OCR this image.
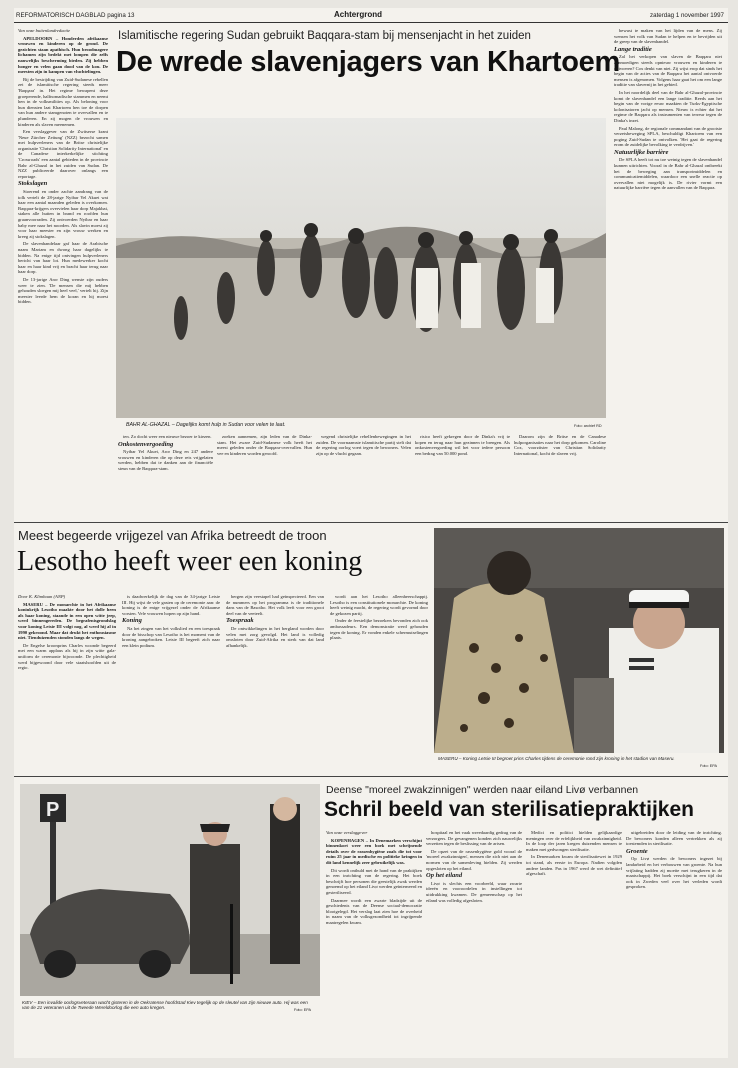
REFORMATORISCH DAGBLAD pagina 13	Achtergrond	zaterdag 1 november 1997

Van onze buitenlandredactie

APELDOORN – Honderden afrikaanse vrouwen en kinderen op de grond. De gezichten staan apathisch. Hun broodmagere lichamen zijn bedekt met lompen die zelfs nauwelijks bescherming bieden. Zij hebben honger en velen gaan dood van de kou. De meesten zijn in kampen van vluchtelingen.

Bij de bestrijding van Zuid-Sudanese rebellen zet de islamitische regering steeds meer 'Baqqara' in. Het regime bewapent deze groeperende, halfnomadische stammen en neemt hen in de volksmilities op. Als beloning voor hun diensten laat Khartoem hen toe de dorpen van hun andere stamgenoten te overvallen en te plunderen. En zij mogen de vrouwen en kinderen als slaven meenemen.

Een verslaggever van de Zwitserse krant 'Neue Zürcher Zeitung' (NZZ) bezocht samen met hulpverleners van de Britse christelijke organisatie 'Christian Solidarity International' en de Canadese interkerkelijke stichting 'Crossroads' een aantal gebieden in de provincie Bahr al-Ghazal in het zuiden van Sudan. De NZZ publiceerde daarover onlangs een reportage.

Stokslagen

Stoerend en onder zachte aandrang van de tolk vertelt de 28-jarige Nyibar Yel Akuei wat haar een aantal maanden geleden is overkomen. Baqqara-krijgers overvielen haar dorp Majakbai, staken alle hutten in brand en roofden hun graanvoorraden. Zij ontvoerden Nyibar en haar baby mee naar het noorden. Als slavin moest zij voor haar meester en zijn vrouw werken en kreeg zij stokslagen.

De slavenhandelaar gaf haar de Arabische naam Mariam en dwong haar dagelijks te bidden. Na enige tijd ontvingen hulpverleners bericht van haar lot. Hun medewerker kocht haar en haar kind vrij en bracht haar terug naar haar dorp.

De 13-jarige Aror Ding wenste zijn ouders weer te zien. 'De mensen die mij hebben gehouden sloegen mij heel veel,' vertelt hij. Zijn meester leerde hem de koran en hij moest bidden.

Islamitische regering Sudan gebruikt Baqqara-stam bij mensenjacht in het zuiden
De wrede slavenjagers van Khartoem
BAHR AL-GHAZAL – Dagelijks komt hulp in Sudan voor velen te laat.	Foto: archief RD

ten. Zo docht weer een nieuwe bezoer te kiezen.

Onkostenvergoeding

Nyibar Yel Akuei, Aror Ding en 247 andere vrouwen en kinderen die op deze reis vrijgelaten werden, hebben dat te danken aan de financiële steun van de Baqqara-stam.

zoeken aannemen, zijn leden van de Dinka-stam. Het zware Zuid-Sudanese volk heeft het meest geleden onder de Baqqara-overvallen. Hun vee en kinderen worden geroofd.

wegend christelijke rebellenbewegingen in het zuiden. De voornaamste islamitische partij stelt dat de regering oorlog voert tegen de bewoners. Velen zijn op de vlucht gegaan.

risico heeft gekregen door de Dinka's vrij te kopen en terug naar hun gezinnen te brengen. Als onkostenvergoeding wil het voor iedere persoon een bedrag van 50.000 pond.

Daarom zijn de Britse en de Canadese hulporganisaties naar het dorp gekomen. Caroline Cox, voorzitster van Christian Solidarity International, kocht de slaven vrij.

bewust te maken van het lijden van de mens. Zij wensen het volk van Sudan te helpen en te bevrijden uit de greep van de slavenhandel.

Lange traditie

Zal het verkopen van slaven de Baqqara niet aanmoedigen steeds opnieuw vrouwen en kinderen te ontvoeren? Cox denkt van niet. Zij wijst erop dat sinds het begin van de acties van de Baqqara het aantal ontvoerde mensen is afgenomen. Volgens haar gaat het om een lange traditie van slavernij in het gebied.

In het noordelijk deel van de Bahr al-Ghazal-provincie komt de slavenhandel een lange traditie. Reeds aan het begin van de vorige eeuw maakten de Turks-Egyptische kolonisatoren jacht op mensen. Nieuw is echter dat het regime de Baqqara als instrumenten van terreur tegen de Dinka's inzet.

Paul Malong, de regionale commandant van de grootste verzetsbeweging SPLA, beschuldigt Khartoem van een poging Zuid-Sudan te ontvolken. 'Het gaat de regering erom de zuidelijke bevolking te verdrijven.'

Natuurlijke barrière

De SPLA heeft tot nu toe weinig tegen de slavenhandel kunnen uitrichten. Vooral in de Bahr al-Ghazal ontbreekt het de beweging aan transportmiddelen en communicatiemiddelen, waardoor een snelle reactie op overvallen niet mogelijk is. De rivier vormt een natuurlijke barrière tegen de aanvallen van de Baqqara.

Meest begeerde vrijgezel van Afrika betreedt de troon
Lesotho heeft weer een koning

Door K. Klimbaan (ANP)

MASERU – De monarchie in het Afrikaanse koninkrijk Lesotho maakte door het dolle heen als haar koning, staande in een open witte jeep, werd binnengereden. De begrafenisgrondslag voor koning Letsie III volgt nog, al werd hij al in 1990 gekroond. Maar dat drukt het enthousiasme niet. Tienduizenden stonden langs de wegen.

De Engelse kroonprins Charles woonde begeerd met een warm applaus als hij in zijn witte gala-uniform de ceremonie bijwoonde. De plechtigheid werd bijgewoond door vele staatshoofden uit de regio.

is daadwerkelijk de dag van de 34-jarige Letsie III. Hij wijst de vele gasten op de ceremonie aan: de koning is de enige vrijgezel onder de Afrikaanse vorsten. Vele vrouwen hopen op zijn hand.

Koning

Na het zingen van het volkslied en een toespraak door de bisschop van Lesotho is het moment van de kroning aangebroken. Letsie III begeeft zich naar een klein podium.

bergen zijn veestapel had geïnspecteerd. Een van de nummers op het programma is de traditionele dans van de Basotho. Het volk leeft voor een groot deel van de veeteelt.

Toespraak

De ontwikkelingen in het bergland worden door velen met zorg gevolgd. Het land is volledig omsloten door Zuid-Afrika en sterk van dat land afhankelijk.

wordt aan het Lesotho alleenheerschappij. Lesotho is een constitutionele monarchie. De koning heeft weinig macht, de regering wordt gevormd door de gekozen partij.

Onder de feestelijke bezoekers bevonden zich ook ambassadeurs. Een demonstratie werd gehouden tegen de koning. Er vonden enkele schermutselingen plaats.

MASERU – Koning Letsie III begroet prins Charles tijdens de ceremonie rond zijn kroning in het stadion van Maseru.
Foto: EPA
P
KIEV – Een invalide oorlogsveteraan wacht gisteren in de Oekraïense hoofdstad Kiev tegelijk op de sleutel van zijn nieuwe auto. Hij was een van de 21 veteranen uit de Tweede Wereldoorlog die een auto kregen.	Foto: EPA
Deense "moreel zwakzinnigen" werden naar eiland Livø verbannen
Schril beeld van sterilisatiepraktijken

Van onze verslaggever

KOPENHAGEN – In Denemarken verschijnt binnenkort weer een boek met schrijnende details over de rassenhygiëne zoals die tot voor ruim 25 jaar in medische en politieke kringen in dit land kennelijk zeer gebruikelijk was.

Dit wordt onthuld met de hand van de praktijken in een inrichting van de regering. Het boek beschrijft hoe personen die geestelijk zwak werden genoemd op het eiland Livø werden geïnterneerd en gesteriliseerd.

Daarmee wordt een zwarte bladzijde uit de geschiedenis van de Deense sociaal-democratie blootgelegd. Het verslag laat zien hoe de overheid in naam van de volksgezondheid tot ingrijpende maatregelen kwam.

hospitaal en het vaak wreedaardig gedrag van de verzorgers. De gevangenen konden zich nauwelijks verzetten tegen de beslissing van de artsen.

De opzet van de rassenhygiëne gold vooral de 'moreel zwakzinnigen', mensen die zich niet aan de normen van de samenleving hielden. Zij werden opgesloten op het eiland.

Op het eiland

Livø is slechts een voorbeeld, waar zwarte ideeën en vooroordelen in instellingen tot uitdrukking kwamen. De gemeenschap op het eiland was volledig afgesloten.

Medici en politici hielden gelijkaardige meningen over de erfelijkheid van zwakzinnigheid. In de loop der jaren kregen duizenden mensen te maken met gedwongen sterilisatie.

In Denemarken kwam de sterilisatiewet in 1929 tot stand, als eerste in Europa. Nadien volgden andere landen. Pas in 1967 werd de wet definitief afgeschaft.

uitgebreiden door de leiding van de inrichting. De bewoners konden alleen vertrekken als zij toestemden in sterilisatie.

Groente

Op Livø werden de bewoners ingezet bij landarbeid en het verbouwen van groente. Na hun vrijlating hadden zij moeite met terugkeren in de maatschappij. Het boek verschijnt in een tijd dat ook in Zweden veel over het verleden wordt gesproken.
